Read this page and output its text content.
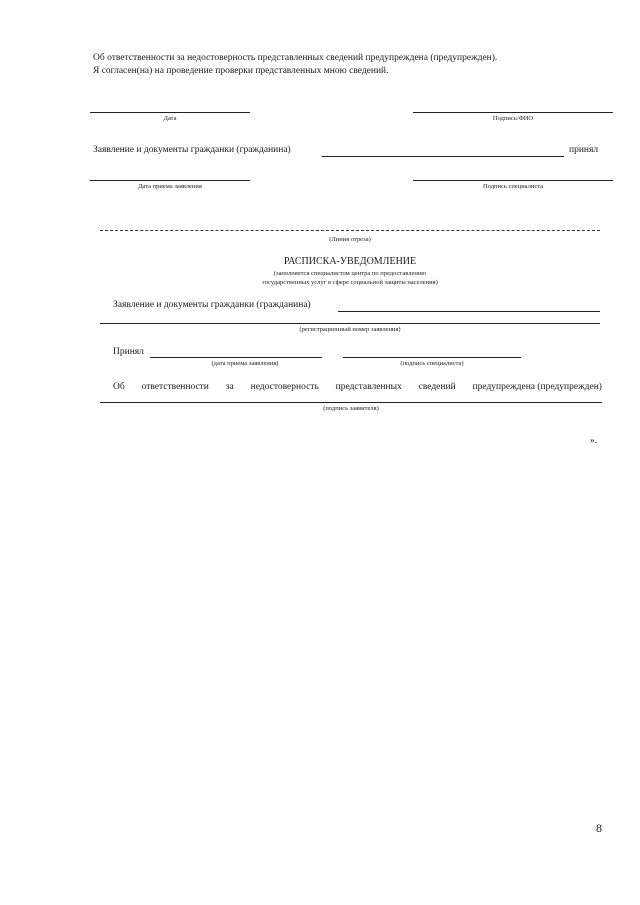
Об ответственности за недостоверность представленных сведений предупреждена (предупрежден).
Я согласен(на) на проведение проверки представленных мною сведений.
Дата	Подпись/ФИО
Заявление и документы гражданки (гражданина)	принял
Дата приема заявления	Подпись специалиста
(Линия отреза)
РАСПИСКА-УВЕДОМЛЕНИЕ
(заполняется специалистом центра по предоставлению
государственных услуг в сфере социальной защиты населения)
Заявление и документы гражданки (гражданина)
(регистрационный номер заявления)
Принял
(дата приема заявления)	(подпись специалиста)
Об ответственности за недостоверность представленных сведений предупреждена (предупрежден)
(подпись заявителя)
».
8
